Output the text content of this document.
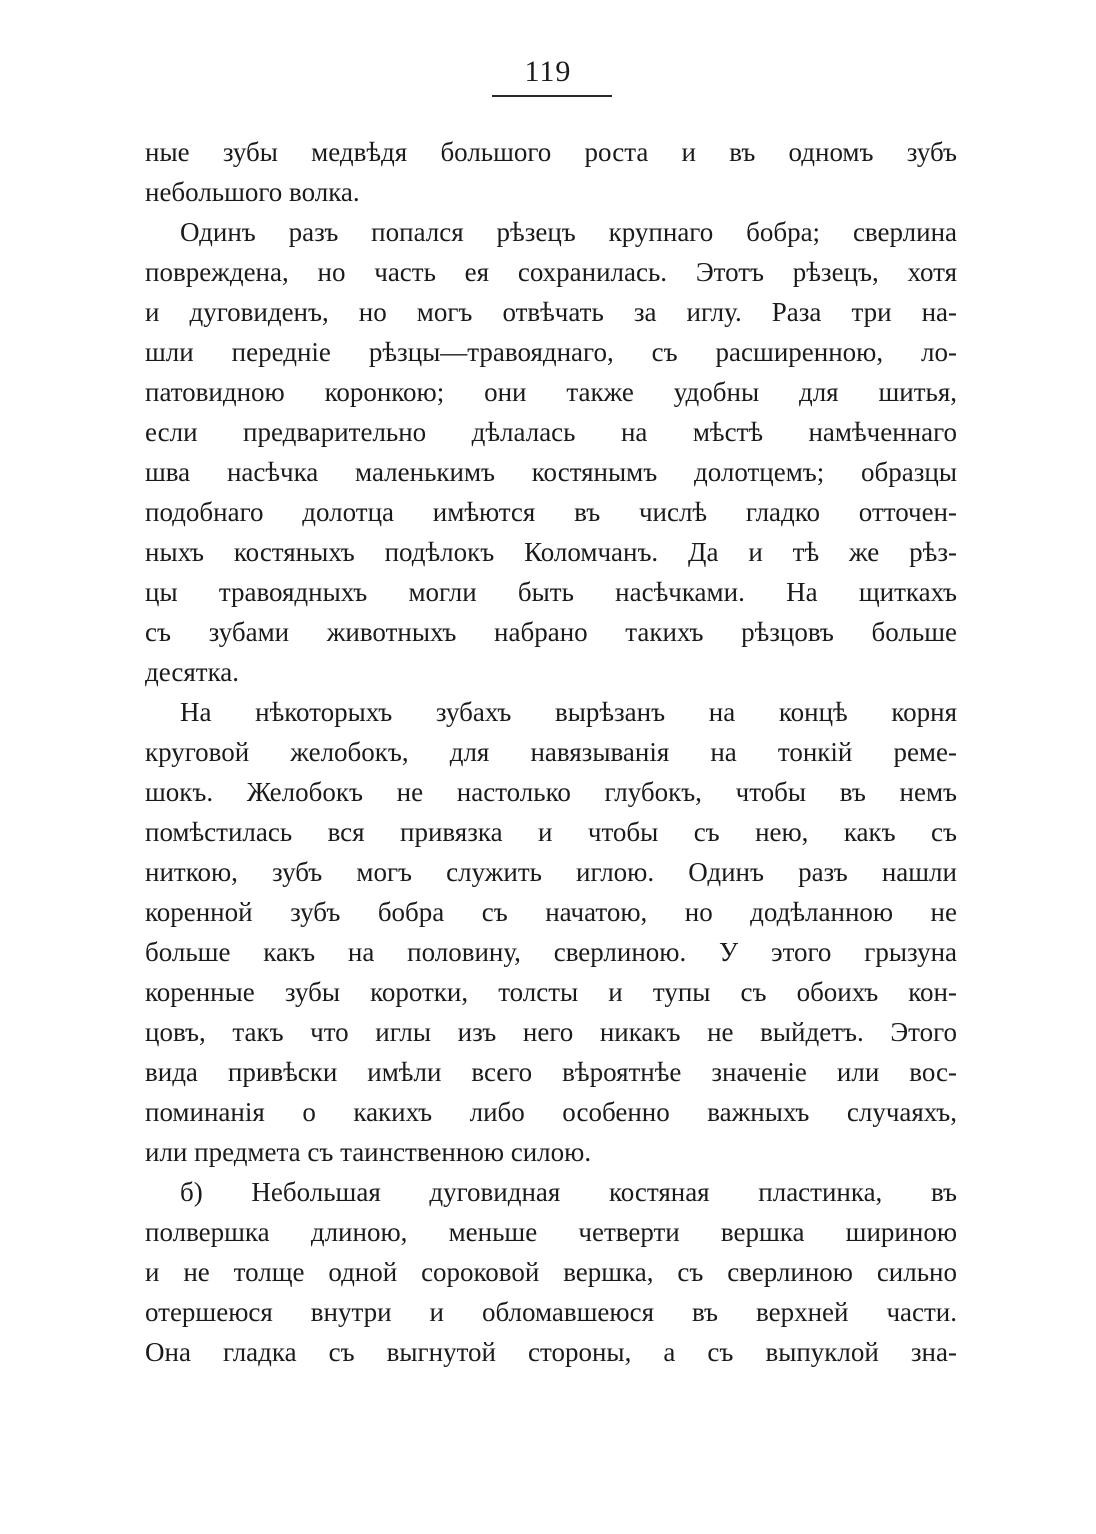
119
ные зубы медвѣдя большого роста и въ одномъ зубъ
небольшого волка.
Одинъ разъ попался рѣзецъ крупнаго бобра; сверлина
повреждена, но часть ея сохранилась. Этотъ рѣзецъ, хотя
и дуговиденъ, но могъ отвѣчать за иглу. Раза три на-
шли передніе рѣзцы—травояднаго, съ расширенною, ло-
патовидною коронкою; они также удобны для шитья,
если предварительно дѣлалась на мѣстѣ намѣченнаго
шва насѣчка маленькимъ костянымъ долотцемъ; образцы
подобнаго долотца имѣются въ числѣ гладко отточен-
ныхъ костяныхъ подѣлокъ Коломчанъ. Да и тѣ же рѣз-
цы травоядныхъ могли быть насѣчками. На щиткахъ
съ зубами животныхъ набрано такихъ рѣзцовъ больше
десятка.
На нѣкоторыхъ зубахъ вырѣзанъ на концѣ корня
круговой желобокъ, для навязыванія на тонкій реме-
шокъ. Желобокъ не настолько глубокъ, чтобы въ немъ
помѣстилась вся привязка и чтобы съ нею, какъ съ
ниткою, зубъ могъ служить иглою. Одинъ разъ нашли
коренной зубъ бобра съ начатою, но додѣланною не
больше какъ на половину, сверлиною. У этого грызуна
коренные зубы коротки, толсты и тупы съ обоихъ кон-
цовъ, такъ что иглы изъ него никакъ не выйдетъ. Этого
вида привѣски имѣли всего вѣроятнѣе значеніе или вос-
поминанія о какихъ либо особенно важныхъ случаяхъ,
или предмета съ таинственною силою.
б) Небольшая дуговидная костяная пластинка, въ
полвершка длиною, меньше четверти вершка шириною
и не толще одной сороковой вершка, съ сверлиною сильно
отершеюся внутри и обломавшеюся въ верхней части.
Она гладка съ выгнутой стороны, а съ выпуклой зна-
